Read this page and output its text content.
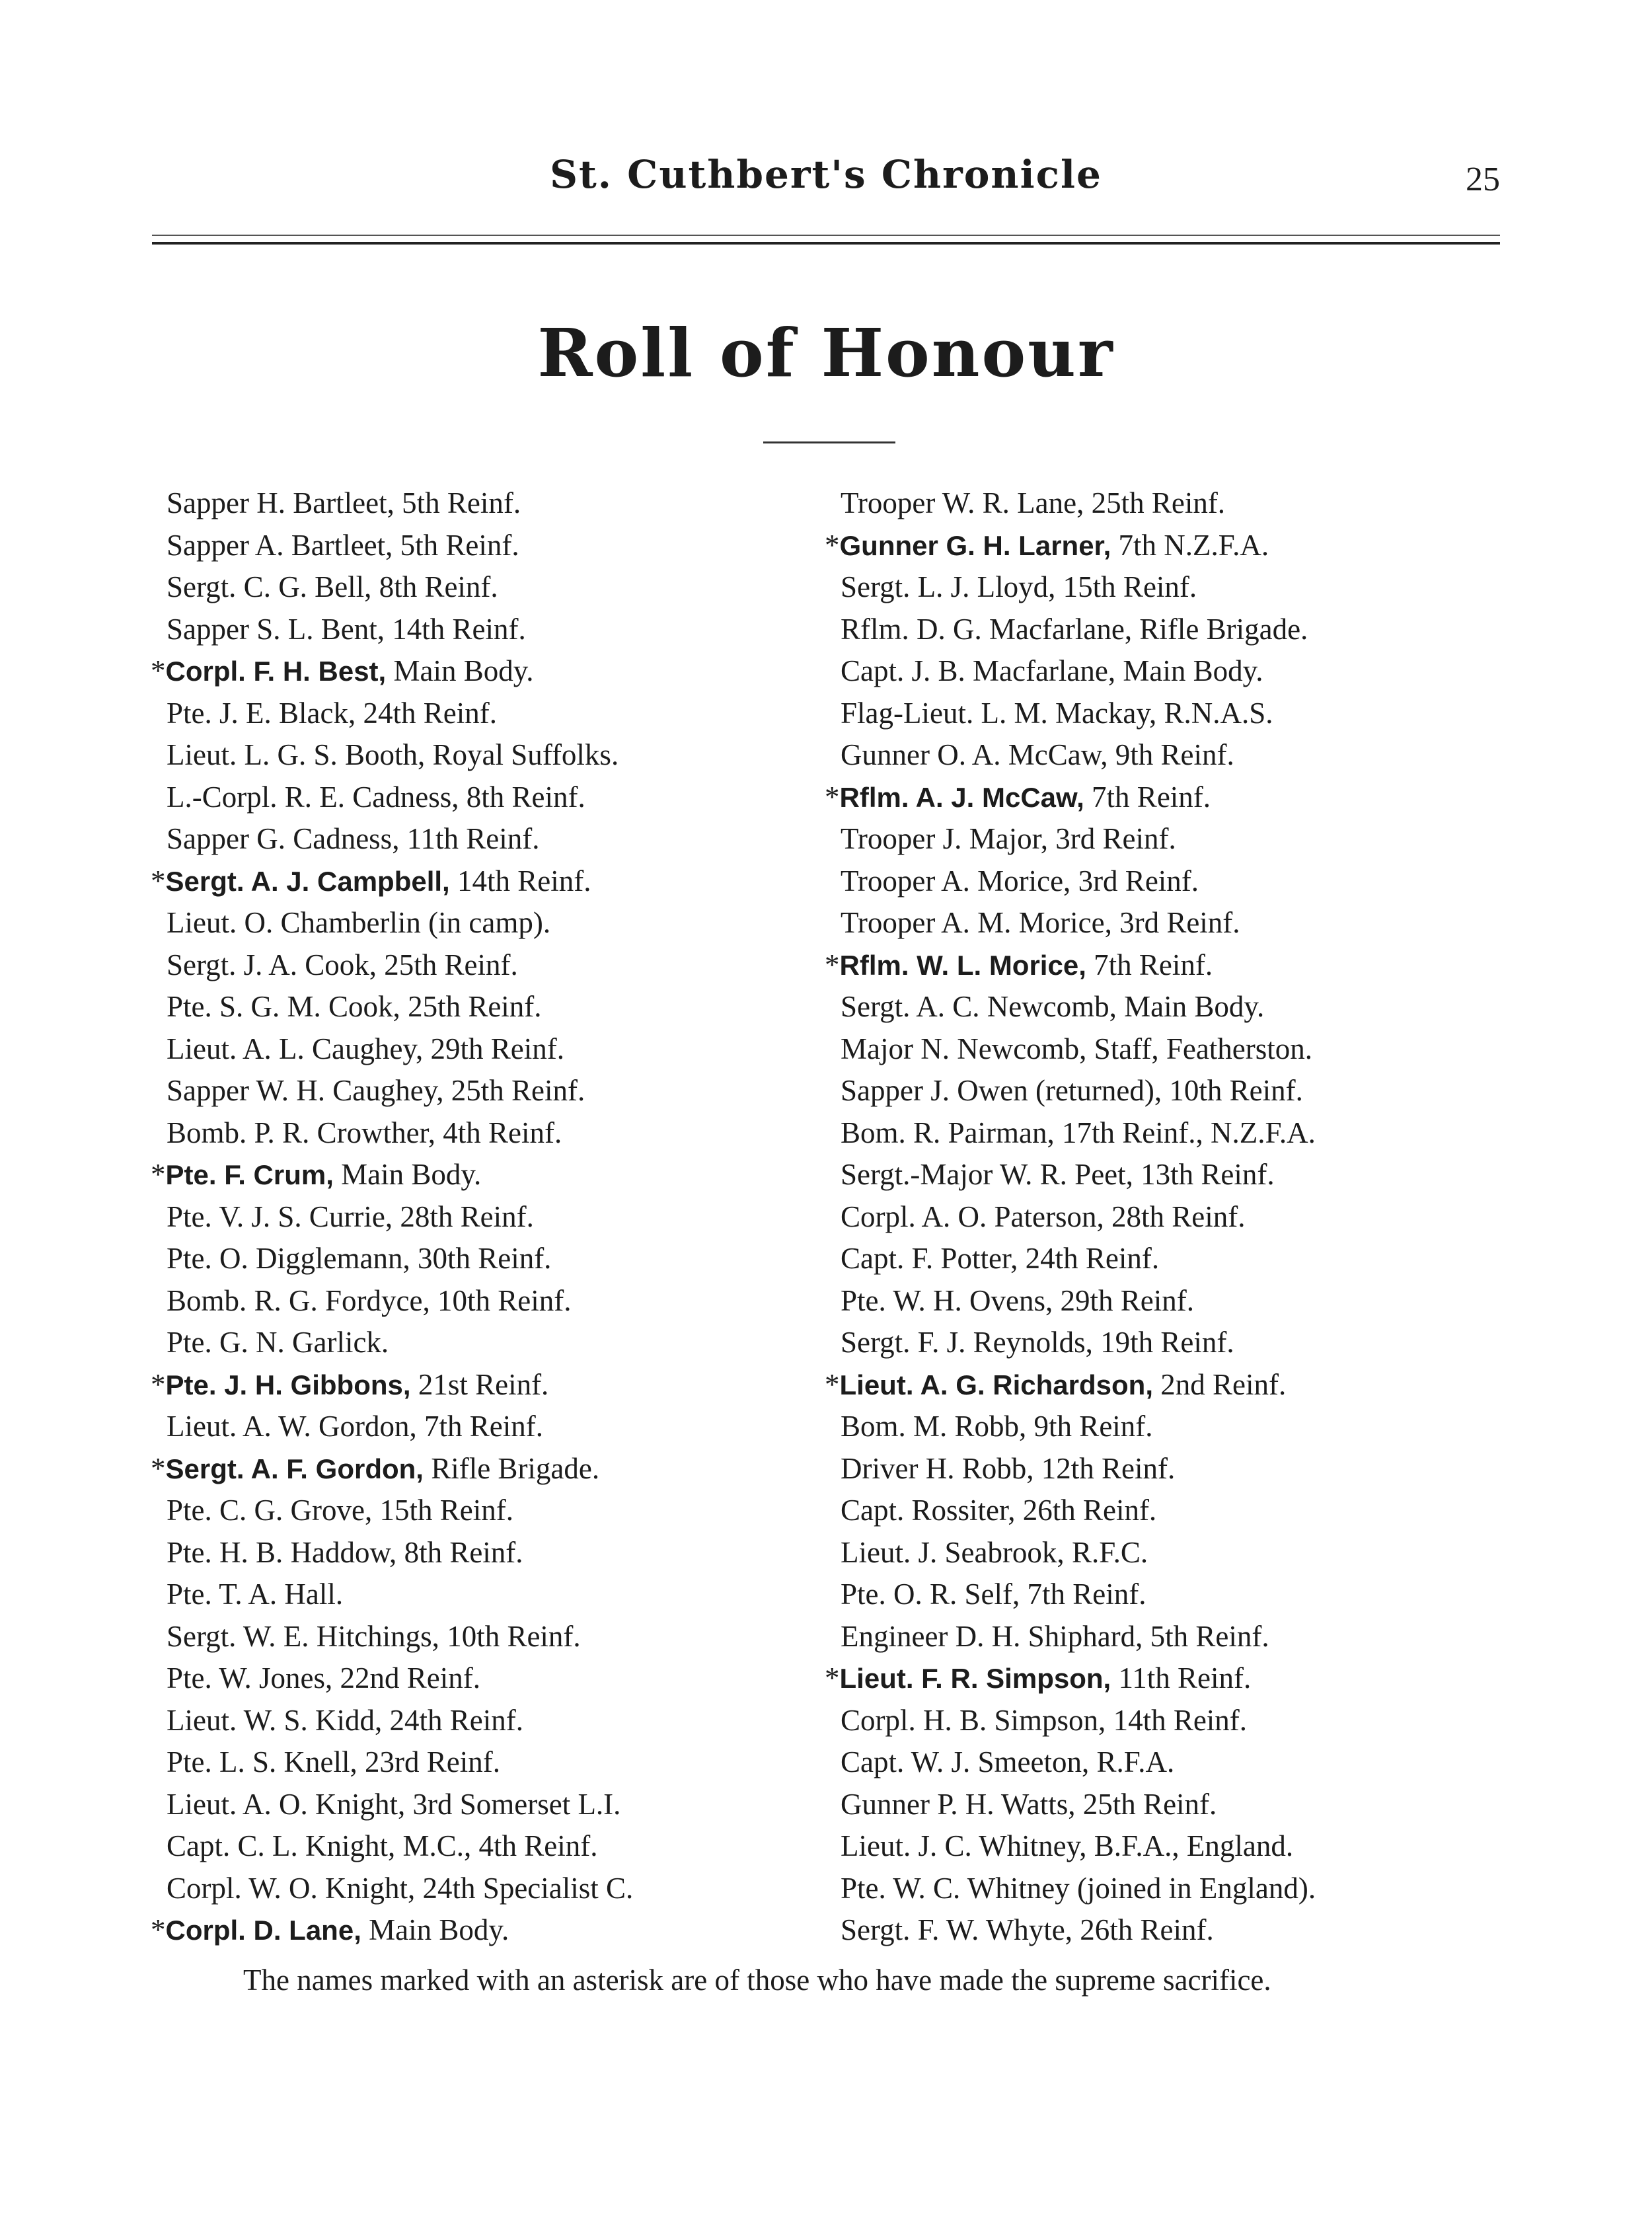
St. Cuthbert's Chronicle	25
Roll of Honour
Sapper H. Bartleet, 5th Reinf.
Sapper A. Bartleet, 5th Reinf.
Sergt. C. G. Bell, 8th Reinf.
Sapper S. L. Bent, 14th Reinf.
*Corpl. F. H. Best, Main Body.
Pte. J. E. Black, 24th Reinf.
Lieut. L. G. S. Booth, Royal Suffolks.
L.-Corpl. R. E. Cadness, 8th Reinf.
Sapper G. Cadness, 11th Reinf.
*Sergt. A. J. Campbell, 14th Reinf.
Lieut. O. Chamberlin (in camp).
Sergt. J. A. Cook, 25th Reinf.
Pte. S. G. M. Cook, 25th Reinf.
Lieut. A. L. Caughey, 29th Reinf.
Sapper W. H. Caughey, 25th Reinf.
Bomb. P. R. Crowther, 4th Reinf.
*Pte. F. Crum, Main Body.
Pte. V. J. S. Currie, 28th Reinf.
Pte. O. Digglemann, 30th Reinf.
Bomb. R. G. Fordyce, 10th Reinf.
Pte. G. N. Garlick.
*Pte. J. H. Gibbons, 21st Reinf.
Lieut. A. W. Gordon, 7th Reinf.
*Sergt. A. F. Gordon, Rifle Brigade.
Pte. C. G. Grove, 15th Reinf.
Pte. H. B. Haddow, 8th Reinf.
Pte. T. A. Hall.
Sergt. W. E. Hitchings, 10th Reinf.
Pte. W. Jones, 22nd Reinf.
Lieut. W. S. Kidd, 24th Reinf.
Pte. L. S. Knell, 23rd Reinf.
Lieut. A. O. Knight, 3rd Somerset L.I.
Capt. C. L. Knight, M.C., 4th Reinf.
Corpl. W. O. Knight, 24th Specialist C.
*Corpl. D. Lane, Main Body.
Trooper W. R. Lane, 25th Reinf.
*Gunner G. H. Larner, 7th N.Z.F.A.
Sergt. L. J. Lloyd, 15th Reinf.
Rflm. D. G. Macfarlane, Rifle Brigade.
Capt. J. B. Macfarlane, Main Body.
Flag-Lieut. L. M. Mackay, R.N.A.S.
Gunner O. A. McCaw, 9th Reinf.
*Rflm. A. J. McCaw, 7th Reinf.
Trooper J. Major, 3rd Reinf.
Trooper A. Morice, 3rd Reinf.
Trooper A. M. Morice, 3rd Reinf.
*Rflm. W. L. Morice, 7th Reinf.
Sergt. A. C. Newcomb, Main Body.
Major N. Newcomb, Staff, Featherston.
Sapper J. Owen (returned), 10th Reinf.
Bom. R. Pairman, 17th Reinf., N.Z.F.A.
Sergt.-Major W. R. Peet, 13th Reinf.
Corpl. A. O. Paterson, 28th Reinf.
Capt. F. Potter, 24th Reinf.
Pte. W. H. Ovens, 29th Reinf.
Sergt. F. J. Reynolds, 19th Reinf.
*Lieut. A. G. Richardson, 2nd Reinf.
Bom. M. Robb, 9th Reinf.
Driver H. Robb, 12th Reinf.
Capt. Rossiter, 26th Reinf.
Lieut. J. Seabrook, R.F.C.
Pte. O. R. Self, 7th Reinf.
Engineer D. H. Shiphard, 5th Reinf.
*Lieut. F. R. Simpson, 11th Reinf.
Corpl. H. B. Simpson, 14th Reinf.
Capt. W. J. Smeeton, R.F.A.
Gunner P. H. Watts, 25th Reinf.
Lieut. J. C. Whitney, B.F.A., England.
Pte. W. C. Whitney (joined in England).
Sergt. F. W. Whyte, 26th Reinf.
The names marked with an asterisk are of those who have made the supreme sacrifice.
